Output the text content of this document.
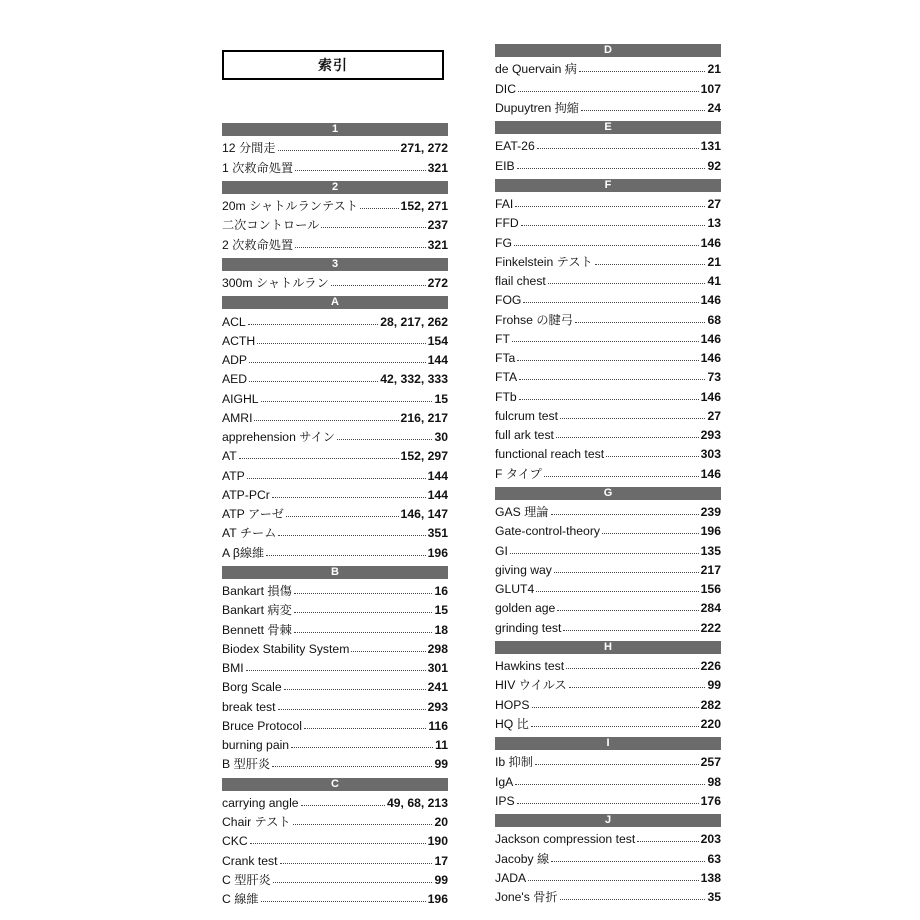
索引
1
12 分間走	271, 272
1 次救命処置	321
2
20m シャトルランテスト	152, 271
二次コントロール	237
2 次救命処置	321
3
300m シャトルラン	272
A
ACL	28, 217, 262
ACTH	154
ADP	144
AED	42, 332, 333
AIGHL	15
AMRI	216, 217
apprehension サイン	30
AT	152, 297
ATP	144
ATP-PCr	144
ATP アーゼ	146, 147
AT チーム	351
A β線維	196
B
Bankart 損傷	16
Bankart 病変	15
Bennett 骨棘	18
Biodex Stability System	298
BMI	301
Borg Scale	241
break test	293
Bruce Protocol	116
burning pain	11
B 型肝炎	99
C
carrying angle	49, 68, 213
Chair テスト	20
CKC	190
Crank test	17
C 型肝炎	99
C 線維	196
D
de Quervain 病	21
DIC	107
Dupuytren 拘縮	24
E
EAT-26	131
EIB	92
F
FAI	27
FFD	13
FG	146
Finkelstein テスト	21
flail chest	41
FOG	146
Frohse の腱弓	68
FT	146
FTa	146
FTA	73
FTb	146
fulcrum test	27
full ark test	293
functional reach test	303
F タイプ	146
G
GAS 理論	239
Gate-control-theory	196
GI	135
giving way	217
GLUT4	156
golden age	284
grinding test	222
H
Hawkins test	226
HIV ウイルス	99
HOPS	282
HQ 比	220
I
Ib 抑制	257
IgA	98
IPS	176
J
Jackson compression test	203
Jacoby 線	63
JADA	138
Jone's 骨折	35
